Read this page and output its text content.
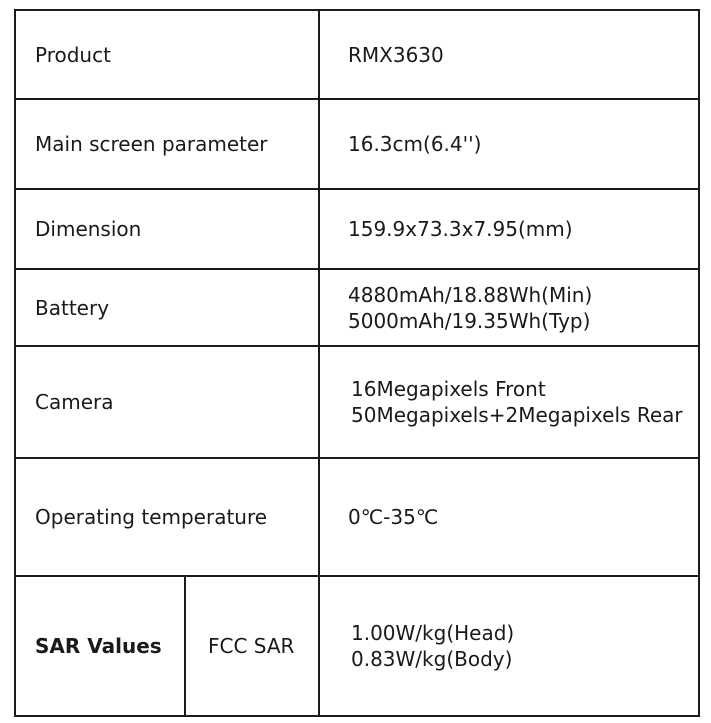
Product		RMX3630

Main screen parameter		16.3cm(6.4'')

Dimension		159.9x73.3x7.95(mm)

Battery		4880mAh/18.88Wh(Min)
5000mAh/19.35Wh(Typ)

Camera		16Megapixels Front
50Megapixels+2Megapixels Rear

Operating temperature		0℃-35℃

SAR Values	FCC SAR	1.00W/kg(Head)
0.83W/kg(Body)
